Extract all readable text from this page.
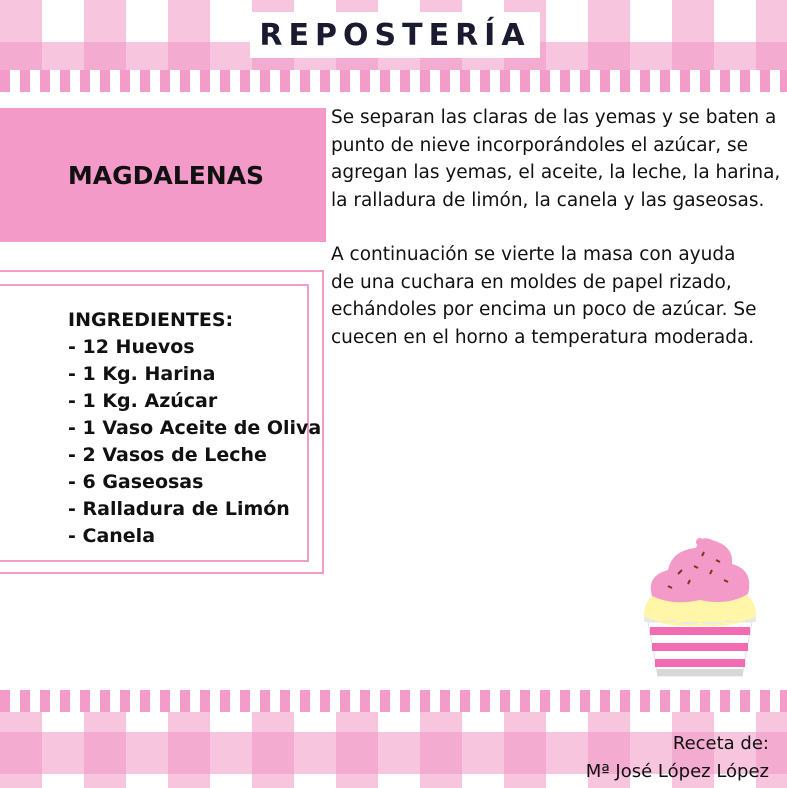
REPOSTERÍA
MAGDALENAS
INGREDIENTES:
- 12 Huevos
- 1 Kg. Harina
- 1 Kg. Azúcar
- 1 Vaso Aceite de Oliva
- 2 Vasos de Leche
- 6 Gaseosas
- Ralladura de Limón
- Canela
Se separan las claras de las yemas y se baten a
punto de nieve incorporándoles el azúcar, se
agregan las yemas, el aceite, la leche, la harina,
la ralladura de limón, la canela y las gaseosas.
A continuación se vierte la masa con ayuda
de una cuchara en moldes de papel rizado,
echándoles por encima un poco de azúcar. Se
cuecen en el horno a temperatura moderada.
Receta de:
Mª José López López
